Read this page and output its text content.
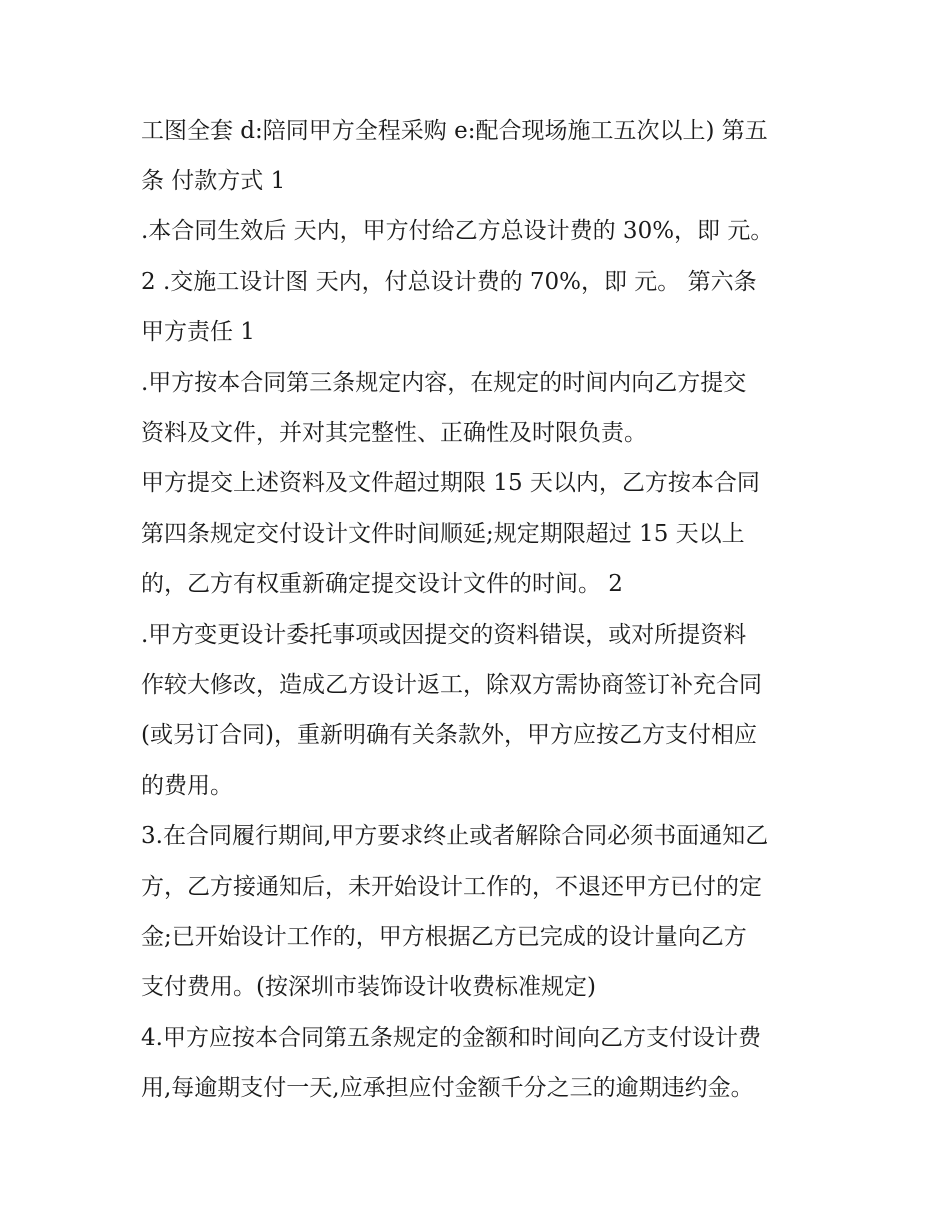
工图全套 d:陪同甲方全程采购 e:配合现场施工五次以上) 第五
条 付款方式 1
.本合同生效后 天内，甲方付给乙方总设计费的 30%，即 元。
2 .交施工设计图 天内，付总设计费的 70%，即 元。 第六条
甲方责任 1
.甲方按本合同第三条规定内容，在规定的时间内向乙方提交
资料及文件，并对其完整性、正确性及时限负责。
甲方提交上述资料及文件超过期限 15 天以内，乙方按本合同
第四条规定交付设计文件时间顺延;规定期限超过 15 天以上
的，乙方有权重新确定提交设计文件的时间。 2
.甲方变更设计委托事项或因提交的资料错误，或对所提资料
作较大修改，造成乙方设计返工，除双方需协商签订补充合同
(或另订合同)，重新明确有关条款外，甲方应按乙方支付相应
的费用。
3.在合同履行期间,甲方要求终止或者解除合同必须书面通知乙
方，乙方接通知后，未开始设计工作的，不退还甲方已付的定
金;已开始设计工作的，甲方根据乙方已完成的设计量向乙方
支付费用。(按深圳市装饰设计收费标准规定)
4.甲方应按本合同第五条规定的金额和时间向乙方支付设计费
用,每逾期支付一天,应承担应付金额千分之三的逾期违约金。
